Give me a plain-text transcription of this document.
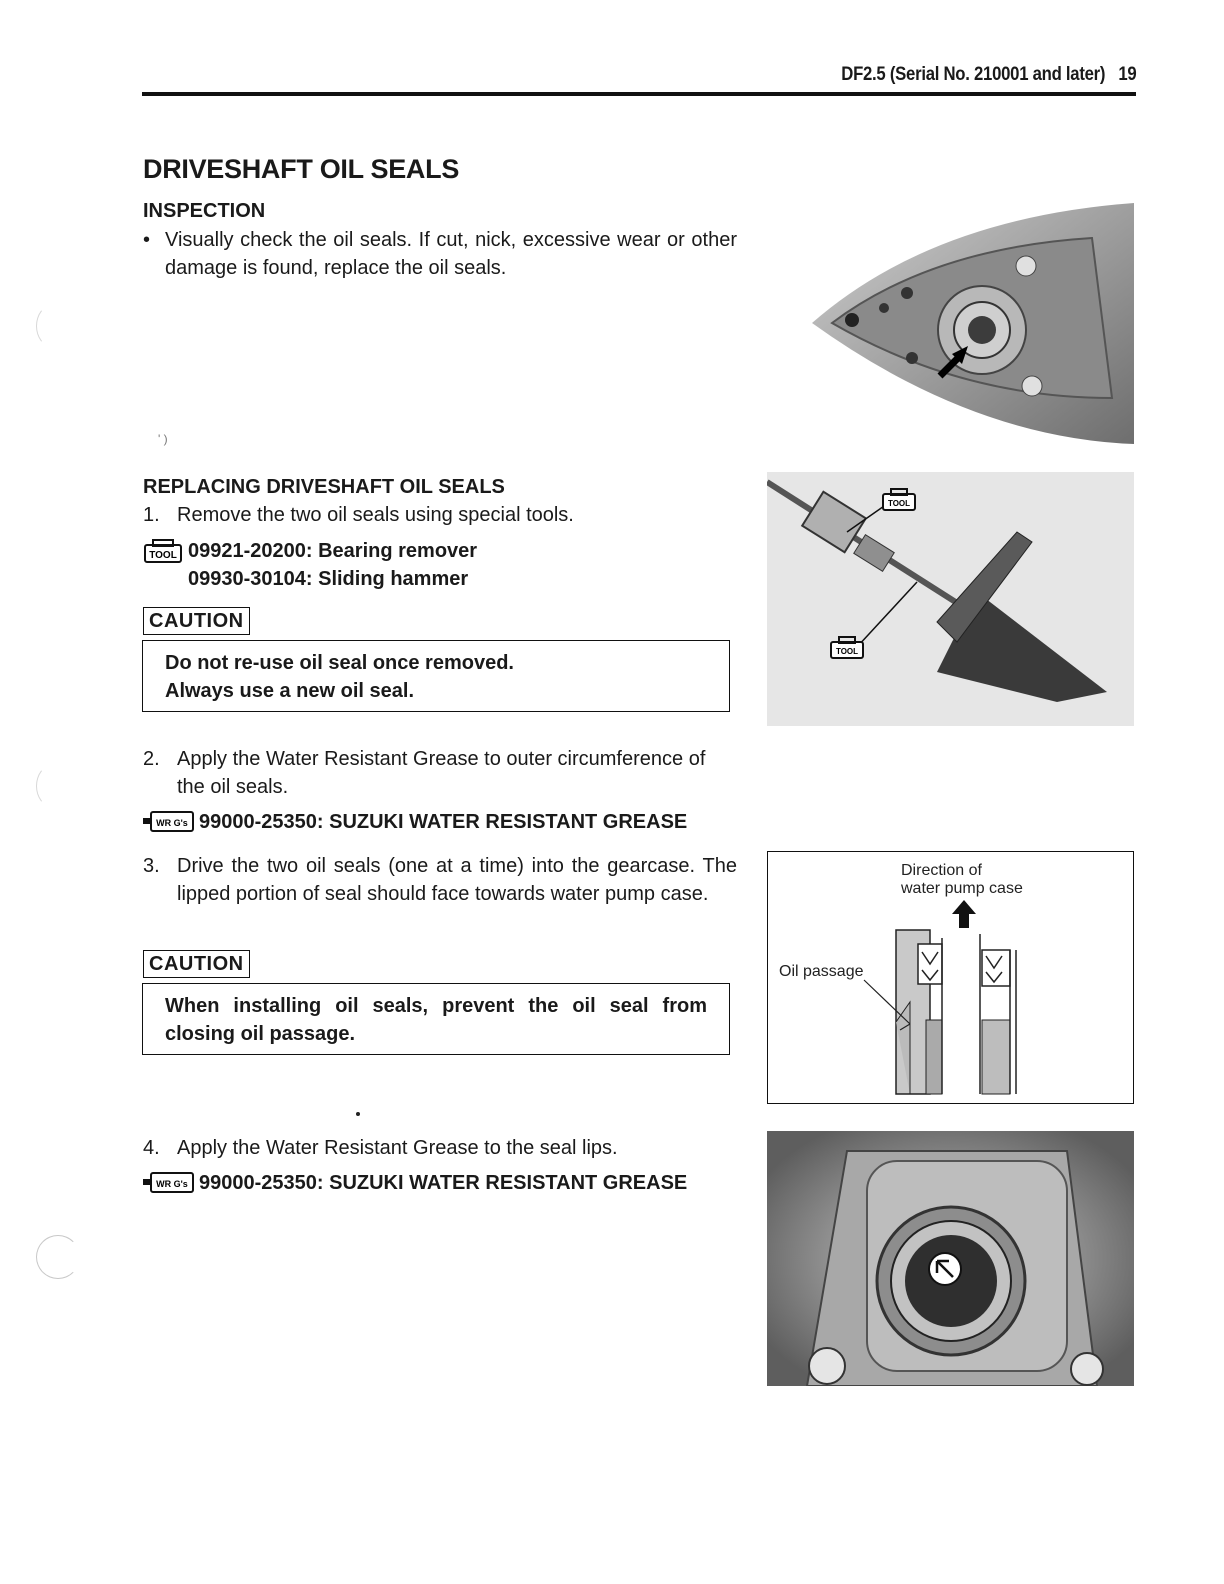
DF2.5 (Serial No. 210001 and later) 19
DRIVESHAFT OIL SEALS
INSPECTION
• Visually check the oil seals. If cut, nick, excessive wear or other damage is found, replace the oil seals.
' )
REPLACING DRIVESHAFT OIL SEALS
1. Remove the two oil seals using special tools.
TOOL 09921-20200: Bearing remover
09930-30104: Sliding hammer
CAUTION
Do not re-use oil seal once removed.
Always use a new oil seal.
TOOL
TOOL
2. Apply the Water Resistant Grease to outer circumference of the oil seals.
WR G's 99000-25350: SUZUKI WATER RESISTANT GREASE
3. Drive the two oil seals (one at a time) into the gearcase. The lipped portion of seal should face towards water pump case.
CAUTION
When installing oil seals, prevent the oil seal from closing oil passage.
Direction of
water pump case
Oil passage
4. Apply the Water Resistant Grease to the seal lips.
WR G's 99000-25350: SUZUKI WATER RESISTANT GREASE
